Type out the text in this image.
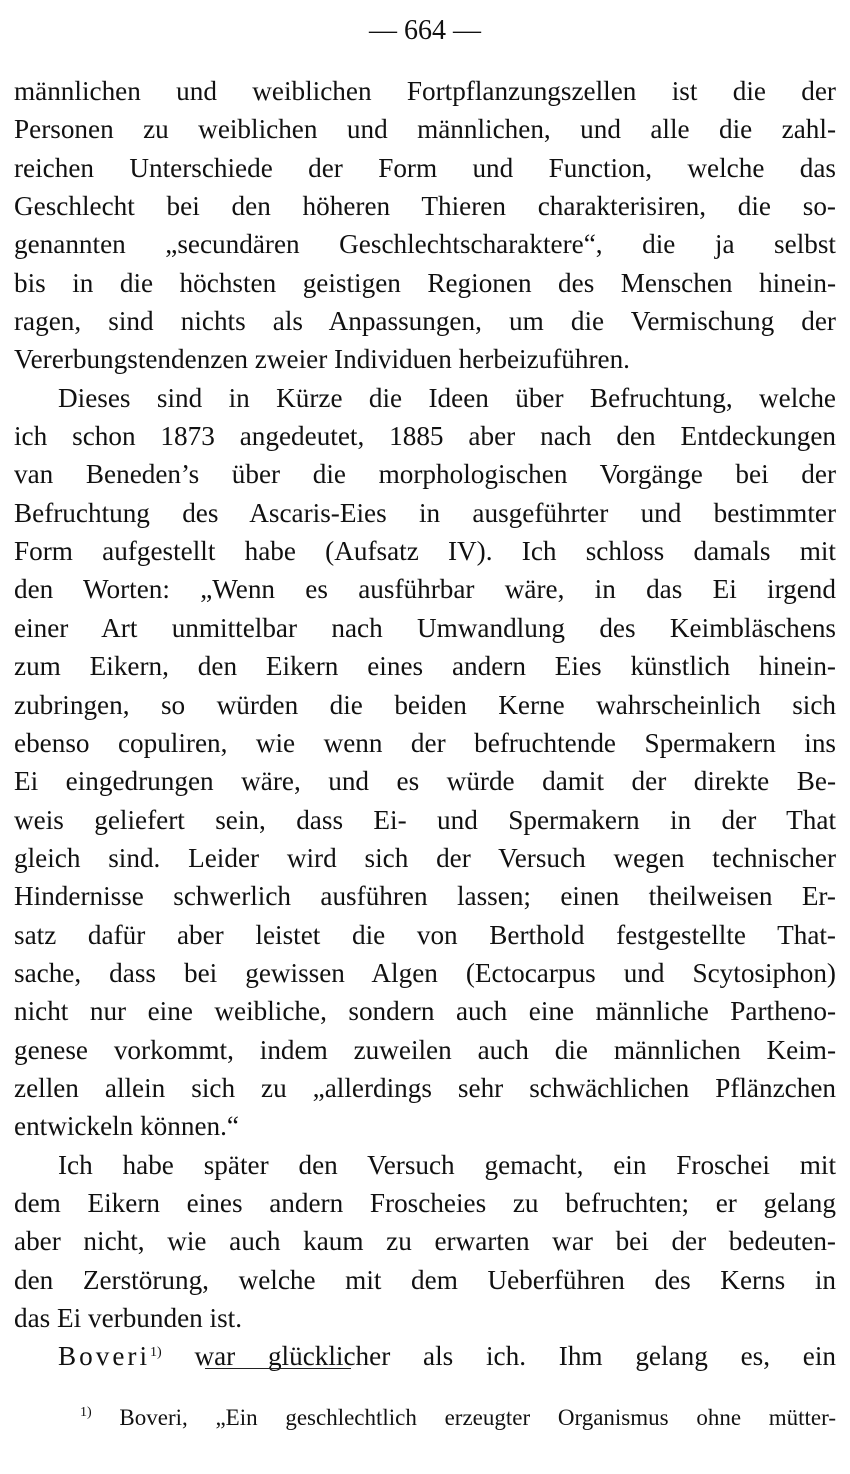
— 664 —
männlichen und weiblichen Fortpflanzungszellen ist die der
Personen zu weiblichen und männlichen, und alle die zahl-
reichen Unterschiede der Form und Function, welche das
Geschlecht bei den höheren Thieren charakterisiren, die so-
genannten „secundären Geschlechtscharaktere“, die ja selbst
bis in die höchsten geistigen Regionen des Menschen hinein-
ragen, sind nichts als Anpassungen, um die Vermischung der
Vererbungstendenzen zweier Individuen herbeizuführen.
Dieses sind in Kürze die Ideen über Befruchtung, welche
ich schon 1873 angedeutet, 1885 aber nach den Entdeckungen
van Beneden’s über die morphologischen Vorgänge bei der
Befruchtung des Ascaris-Eies in ausgeführter und bestimmter
Form aufgestellt habe (Aufsatz IV). Ich schloss damals mit
den Worten: „Wenn es ausführbar wäre, in das Ei irgend
einer Art unmittelbar nach Umwandlung des Keimbläschens
zum Eikern, den Eikern eines andern Eies künstlich hinein-
zubringen, so würden die beiden Kerne wahrscheinlich sich
ebenso copuliren, wie wenn der befruchtende Spermakern ins
Ei eingedrungen wäre, und es würde damit der direkte Be-
weis geliefert sein, dass Ei- und Spermakern in der That
gleich sind. Leider wird sich der Versuch wegen technischer
Hindernisse schwerlich ausführen lassen; einen theilweisen Er-
satz dafür aber leistet die von Berthold festgestellte That-
sache, dass bei gewissen Algen (Ectocarpus und Scytosiphon)
nicht nur eine weibliche, sondern auch eine männliche Partheno-
genese vorkommt, indem zuweilen auch die männlichen Keim-
zellen allein sich zu „allerdings sehr schwächlichen Pflänzchen
entwickeln können.“
Ich habe später den Versuch gemacht, ein Froschei mit
dem Eikern eines andern Froscheies zu befruchten; er gelang
aber nicht, wie auch kaum zu erwarten war bei der bedeuten-
den Zerstörung, welche mit dem Ueberführen des Kerns in
das Ei verbunden ist.
Boveri$^{1)}$ war glücklicher als ich. Ihm gelang es, ein
$^{1)}$ Boveri, „Ein geschlechtlich erzeugter Organismus ohne mütter-
